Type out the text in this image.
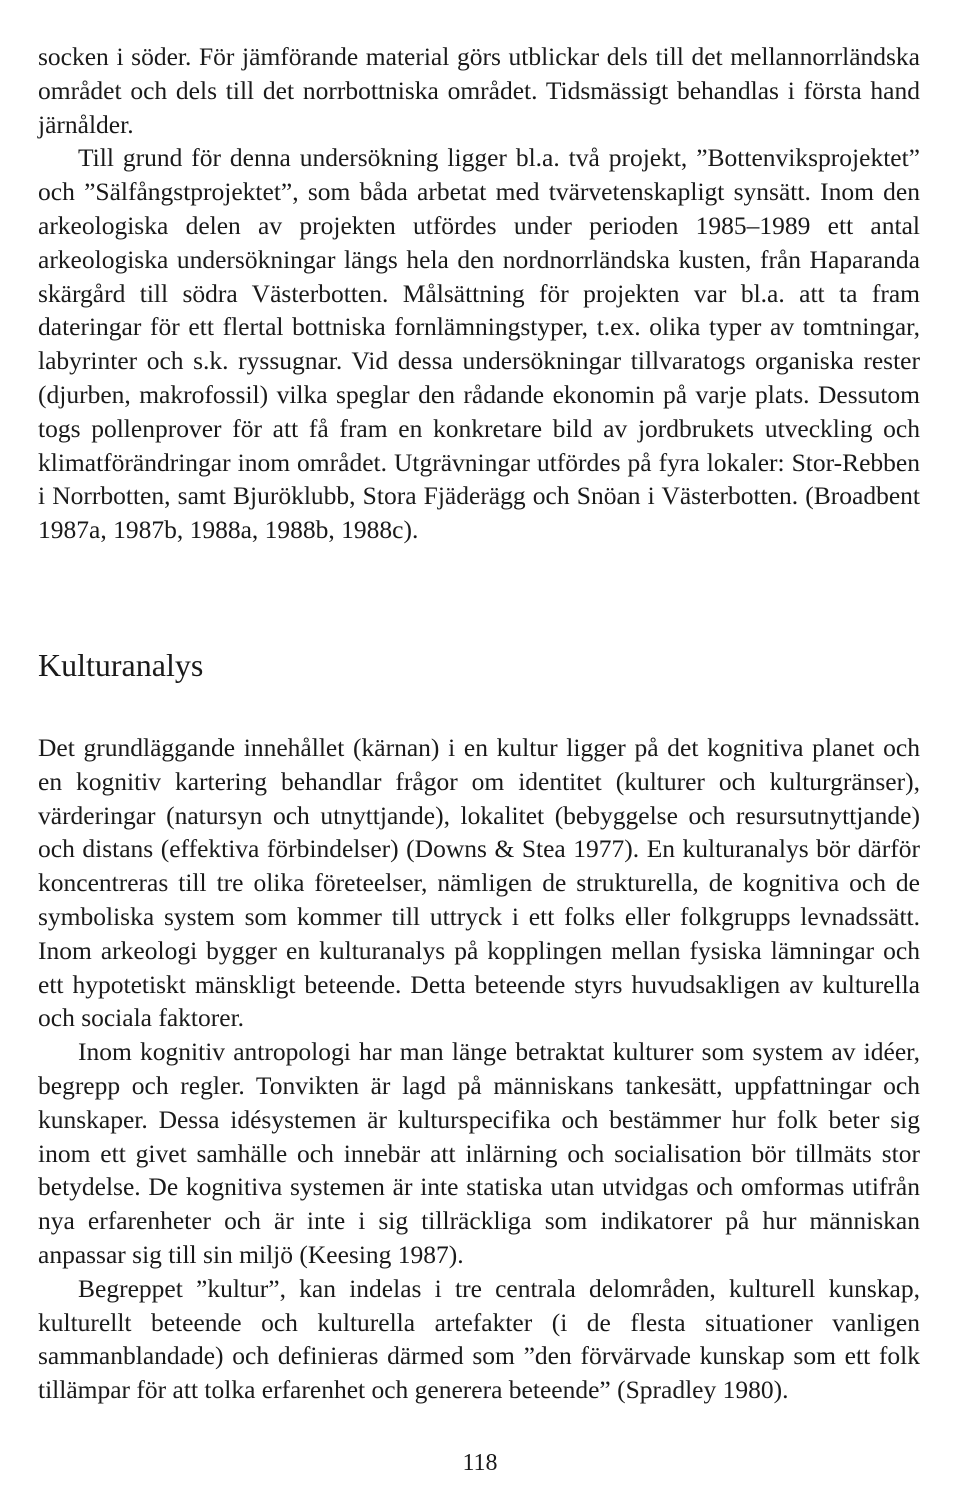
socken i söder. För jämförande material görs utblickar dels till det mellannorrländska området och dels till det norrbottniska området. Tidsmässigt behandlas i första hand järnålder.

Till grund för denna undersökning ligger bl.a. två projekt, ”Bottenviksprojektet” och ”Sälfångstprojektet”, som båda arbetat med tvärvetenskapligt synsätt. Inom den arkeologiska delen av projekten utfördes under perioden 1985–1989 ett antal arkeologiska undersökningar längs hela den nordnorrländska kusten, från Haparanda skärgård till södra Västerbotten. Målsättning för projekten var bl.a. att ta fram dateringar för ett flertal bottniska fornlämningstyper, t.ex. olika typer av tomtningar, labyrinter och s.k. ryssugnar. Vid dessa undersökningar tillvaratogs organiska rester (djurben, makrofossil) vilka speglar den rådande ekonomin på varje plats. Dessutom togs pollenprover för att få fram en konkretare bild av jordbrukets utveckling och klimatförändringar inom området. Utgrävningar utfördes på fyra lokaler: Stor-Rebben i Norrbotten, samt Bjuröklubb, Stora Fjäderägg och Snöan i Västerbotten. (Broadbent 1987a, 1987b, 1988a, 1988b, 1988c).

Kulturanalys

Det grundläggande innehållet (kärnan) i en kultur ligger på det kognitiva planet och en kognitiv kartering behandlar frågor om identitet (kulturer och kulturgränser), värderingar (natursyn och utnyttjande), lokalitet (bebyggelse och resursutnyttjande) och distans (effektiva förbindelser) (Downs & Stea 1977). En kulturanalys bör därför koncentreras till tre olika företeelser, nämligen de strukturella, de kognitiva och de symboliska system som kommer till uttryck i ett folks eller folkgrupps levnadssätt. Inom arkeologi bygger en kulturanalys på kopplingen mellan fysiska lämningar och ett hypotetiskt mänskligt beteende. Detta beteende styrs huvudsakligen av kulturella och sociala faktorer.

Inom kognitiv antropologi har man länge betraktat kulturer som system av idéer, begrepp och regler. Tonvikten är lagd på människans tankesätt, uppfattningar och kunskaper. Dessa idésystemen är kulturspecifika och bestämmer hur folk beter sig inom ett givet samhälle och innebär att inlärning och socialisation bör tillmäts stor betydelse. De kognitiva systemen är inte statiska utan utvidgas och omformas utifrån nya erfarenheter och är inte i sig tillräckliga som indikatorer på hur människan anpassar sig till sin miljö (Keesing 1987).

Begreppet ”kultur”, kan indelas i tre centrala delområden, kulturell kunskap, kulturellt beteende och kulturella artefakter (i de flesta situationer vanligen sammanblandade) och definieras därmed som ”den förvärvade kunskap som ett folk tillämpar för att tolka erfarenhet och generera beteende” (Spradley 1980).

118
